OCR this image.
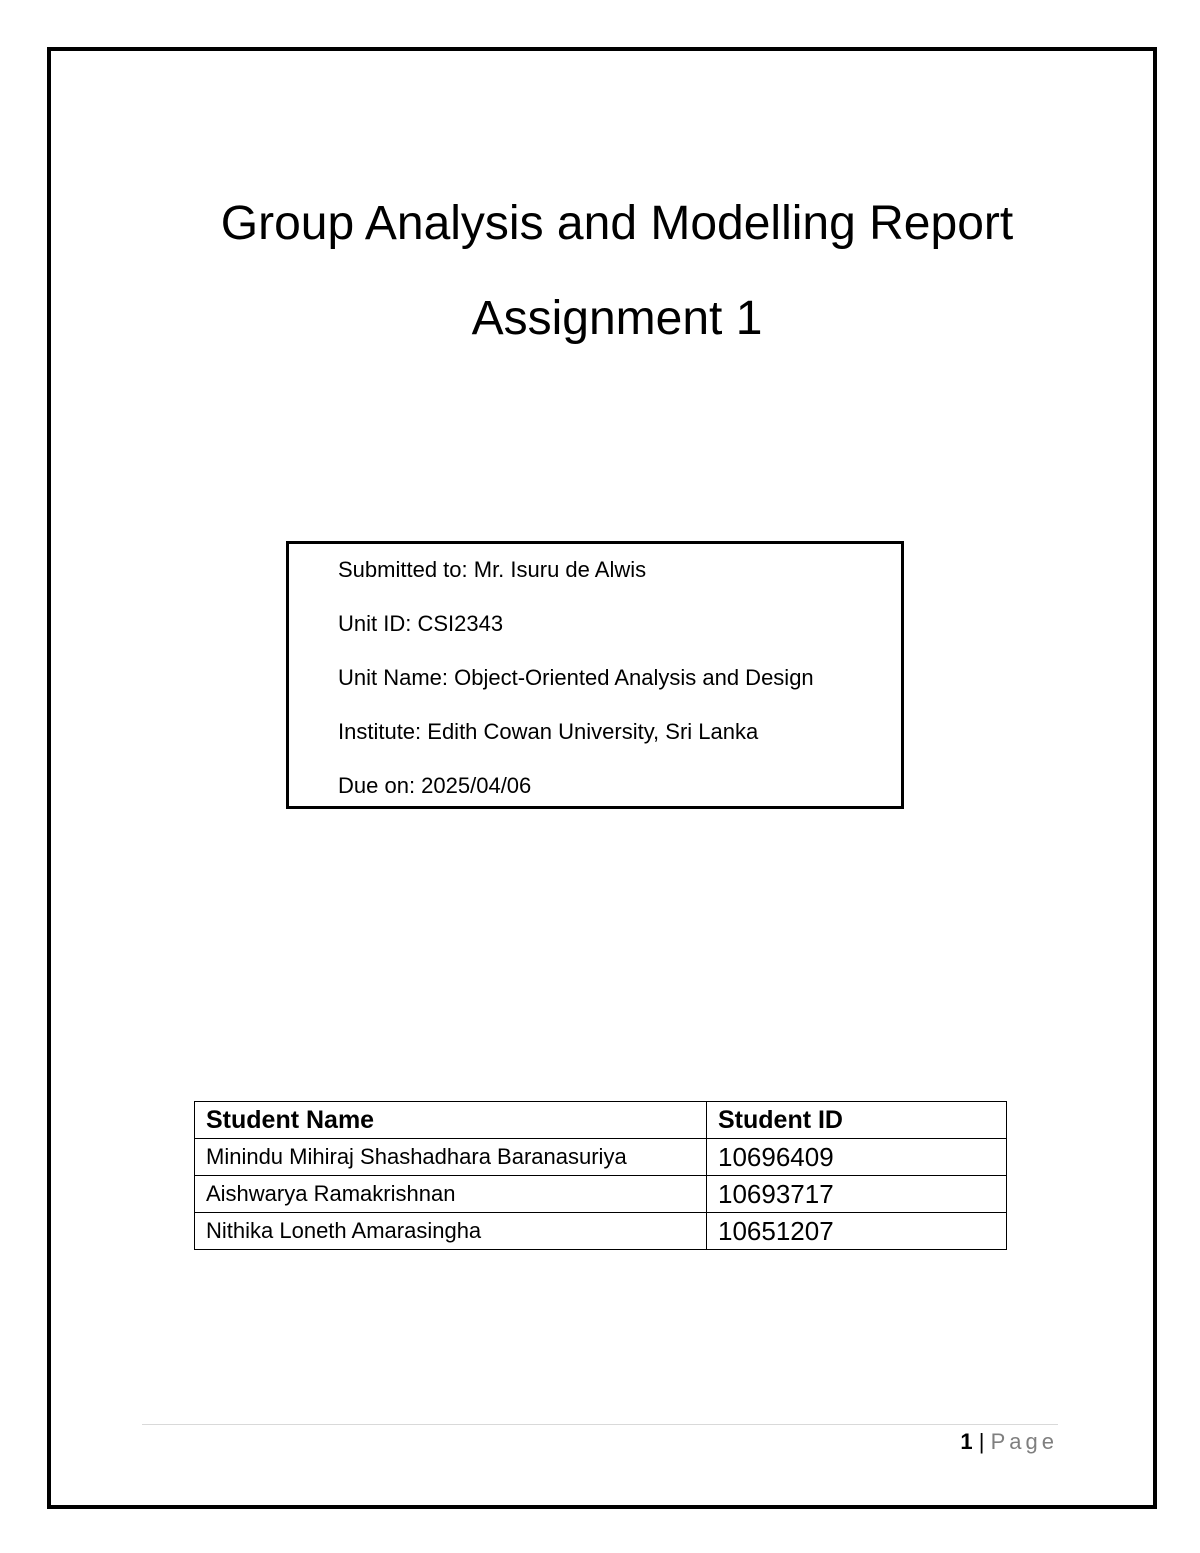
Group Analysis and Modelling Report
Assignment 1
Submitted to: Mr. Isuru de Alwis
Unit ID: CSI2343
Unit Name: Object-Oriented Analysis and Design
Institute: Edith Cowan University, Sri Lanka
Due on: 2025/04/06
Student Name	Student ID
Minindu Mihiraj Shashadhara Baranasuriya	10696409
Aishwarya Ramakrishnan	10693717
Nithika Loneth Amarasingha	10651207
1 | Page
